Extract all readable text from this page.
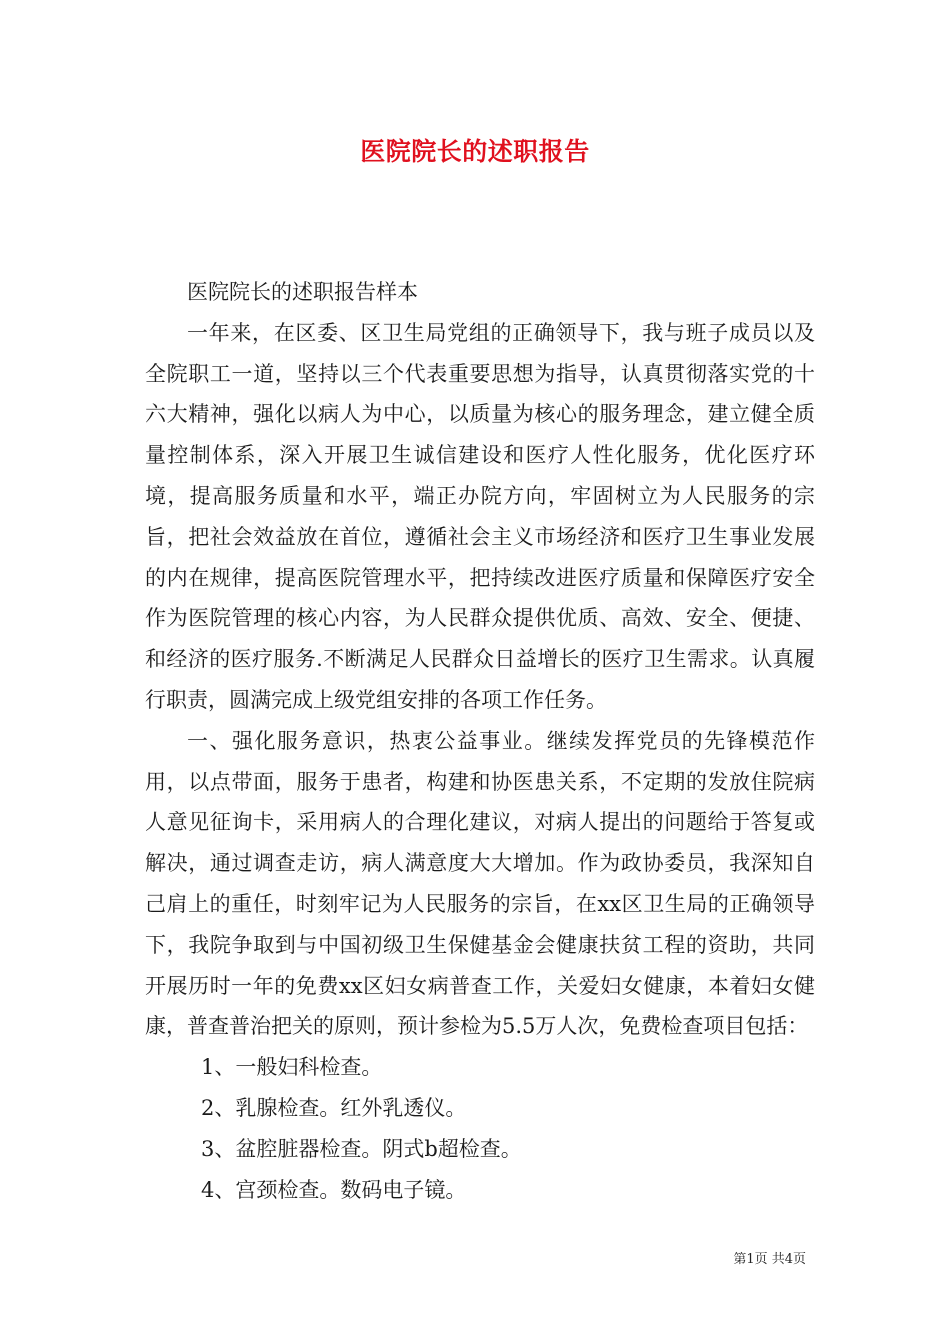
医院院长的述职报告

医院院长的述职报告样本

一年来，在区委、区卫生局党组的正确领导下，我与班子成员以及全院职工一道，坚持以三个代表重要思想为指导，认真贯彻落实党的十六大精神，强化以病人为中心，以质量为核心的服务理念，建立健全质量控制体系，深入开展卫生诚信建设和医疗人性化服务，优化医疗环境，提高服务质量和水平，端正办院方向，牢固树立为人民服务的宗旨，把社会效益放在首位，遵循社会主义市场经济和医疗卫生事业发展的内在规律，提高医院管理水平，把持续改进医疗质量和保障医疗安全作为医院管理的核心内容，为人民群众提供优质、高效、安全、便捷、和经济的医疗服务.不断满足人民群众日益增长的医疗卫生需求。认真履行职责，圆满完成上级党组安排的各项工作任务。

一、强化服务意识，热衷公益事业。继续发挥党员的先锋模范作用，以点带面，服务于患者，构建和协医患关系，不定期的发放住院病人意见征询卡，采用病人的合理化建议，对病人提出的问题给于答复或解决，通过调查走访，病人满意度大大增加。作为政协委员，我深知自己肩上的重任，时刻牢记为人民服务的宗旨，在xx区卫生局的正确领导下，我院争取到与中国初级卫生保健基金会健康扶贫工程的资助，共同开展历时一年的免费xx区妇女病普查工作，关爱妇女健康，本着妇女健康，普查普治把关的原则，预计参检为5.5万人次，免费检查项目包括：

1、一般妇科检查。

2、乳腺检查。红外乳透仪。

3、盆腔脏器检查。阴式b超检查。

4、宫颈检查。数码电子镜。

第1页 共4页
